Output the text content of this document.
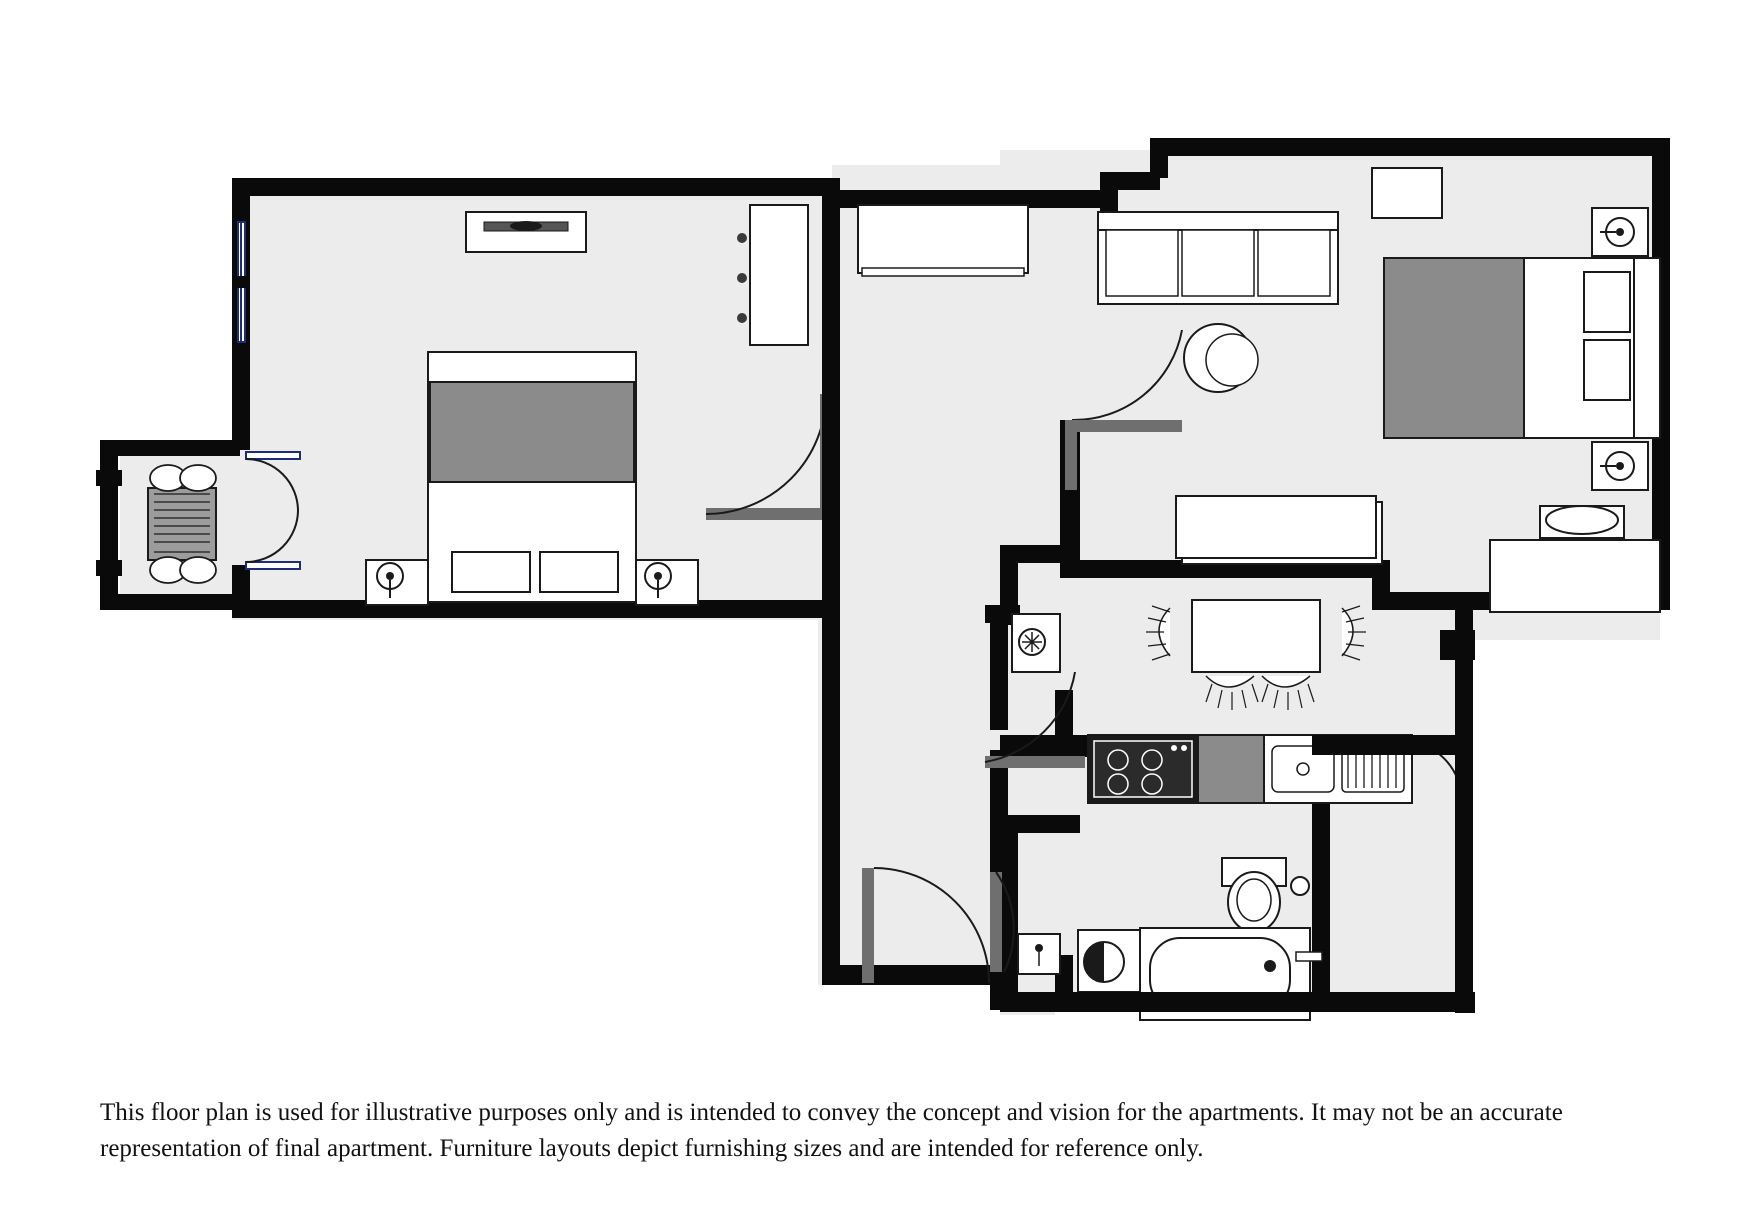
This floor plan is used for illustrative purposes only and is intended to convey the concept and vision for the apartments. It may not be an accurate representation of final apartment. Furniture layouts depict furnishing sizes and are intended for reference only.
